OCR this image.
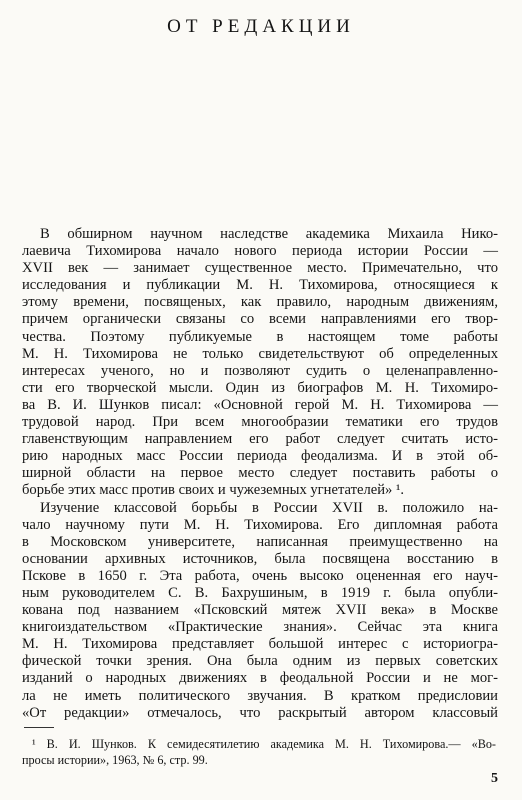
ОТ РЕДАКЦИИ
В обширном научном наследстве академика Михаила Нико-
лаевича Тихомирова начало нового периода истории России —
XVII век — занимает существенное место. Примечательно, что
исследования и публикации М. Н. Тихомирова, относящиеся к
этому времени, посвященых, как правило, народным движениям,
причем органически связаны со всеми направлениями его твор-
чества. Поэтому публикуемые в настоящем томе работы
М. Н. Тихомирова не только свидетельствуют об определенных
интересах ученого, но и позволяют судить о целенаправленно-
сти его творческой мысли. Один из биографов М. Н. Тихомиро-
ва В. И. Шунков писал: «Основной герой М. Н. Тихомирова —
трудовой народ. При всем многообразии тематики его трудов
главенствующим направлением его работ следует считать исто-
рию народных масс России периода феодализма. И в этой об-
ширной области на первое место следует поставить работы о
борьбе этих масс против своих и чужеземных угнетателей» ¹.
Изучение классовой борьбы в России XVII в. положило на-
чало научному пути М. Н. Тихомирова. Его дипломная работа
в Московском университете, написанная преимущественно на
основании архивных источников, была посвящена восстанию в
Пскове в 1650 г. Эта работа, очень высоко оцененная его науч-
ным руководителем С. В. Бахрушиным, в 1919 г. была опубли-
кована под названием «Псковский мятеж XVII века» в Москве
книгоиздательством «Практические знания». Сейчас эта книга
М. Н. Тихомирова представляет большой интерес с историогра-
фической точки зрения. Она была одним из первых советских
изданий о народных движениях в феодальной России и не мог-
ла не иметь политического звучания. В кратком предисловии
«От редакции» отмечалось, что раскрытый автором классовый
¹ В. И. Шунков. К семидесятилетию академика М. Н. Тихомирова.— «Во-
просы истории», 1963, № 6, стр. 99.
5
